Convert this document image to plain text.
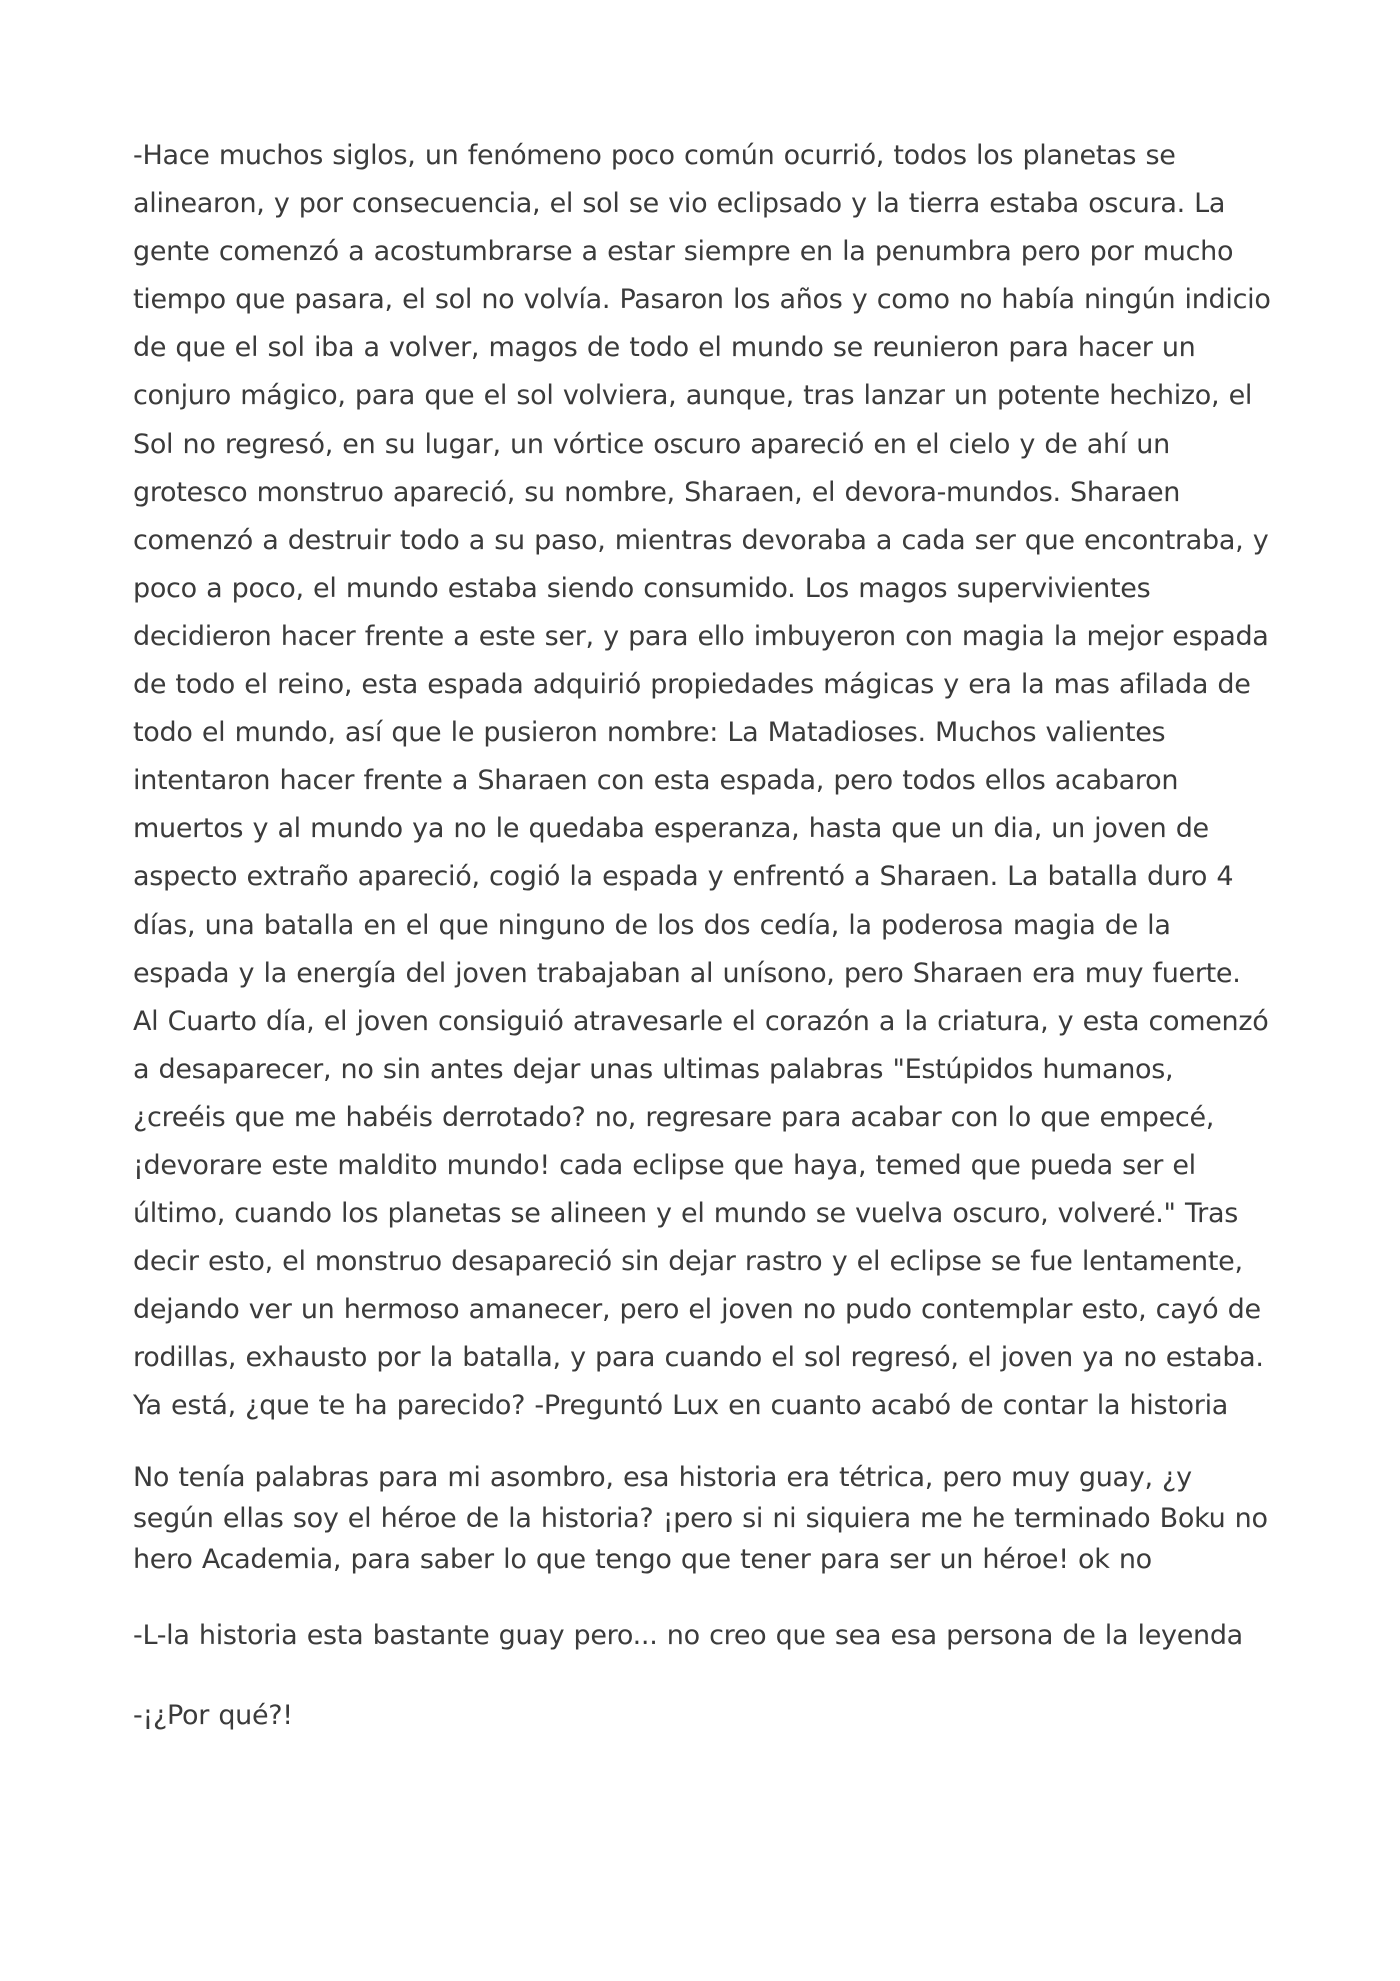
-Hace muchos siglos, un fenómeno poco común ocurrió, todos los planetas se alinearon, y por consecuencia, el sol se vio eclipsado y la tierra estaba oscura. La gente comenzó a acostumbrarse a estar siempre en la penumbra pero por mucho tiempo que pasara, el sol no volvía. Pasaron los años y como no había ningún indicio de que el sol iba a volver, magos de todo el mundo se reunieron para hacer un conjuro mágico, para que el sol volviera, aunque, tras lanzar un potente hechizo, el Sol no regresó, en su lugar, un vórtice oscuro apareció en el cielo y de ahí un grotesco monstruo apareció, su nombre, Sharaen, el devora-mundos. Sharaen comenzó a destruir todo a su paso, mientras devoraba a cada ser que encontraba, y poco a poco, el mundo estaba siendo consumido. Los magos supervivientes decidieron hacer frente a este ser, y para ello imbuyeron con magia la mejor espada de todo el reino, esta espada adquirió propiedades mágicas y era la mas afilada de todo el mundo, así que le pusieron nombre: La Matadioses. Muchos valientes intentaron hacer frente a Sharaen con esta espada, pero todos ellos acabaron muertos y al mundo ya no le quedaba esperanza, hasta que un dia, un joven de aspecto extraño apareció, cogió la espada y enfrentó a Sharaen. La batalla duro 4 días, una batalla en el que ninguno de los dos cedía, la poderosa magia de la espada y la energía del joven trabajaban al unísono, pero Sharaen era muy fuerte. Al Cuarto día, el joven consiguió atravesarle el corazón a la criatura, y esta comenzó a desaparecer, no sin antes dejar unas ultimas palabras "Estúpidos humanos, ¿creéis que me habéis derrotado? no, regresare para acabar con lo que empecé, ¡devorare este maldito mundo! cada eclipse que haya, temed que pueda ser el último, cuando los planetas se alineen y el mundo se vuelva oscuro, volveré." Tras decir esto, el monstruo desapareció sin dejar rastro y el eclipse se fue lentamente, dejando ver un hermoso amanecer, pero el joven no pudo contemplar esto, cayó de rodillas, exhausto por la batalla, y para cuando el sol regresó, el joven ya no estaba. Ya está, ¿que te ha parecido? -Preguntó Lux en cuanto acabó de contar la historia

No tenía palabras para mi asombro, esa historia era tétrica, pero muy guay, ¿y según ellas soy el héroe de la historia? ¡pero si ni siquiera me he terminado Boku no hero Academia, para saber lo que tengo que tener para ser un héroe! ok no

-L-la historia esta bastante guay pero... no creo que sea esa persona de la leyenda

-¡¿Por qué?!
